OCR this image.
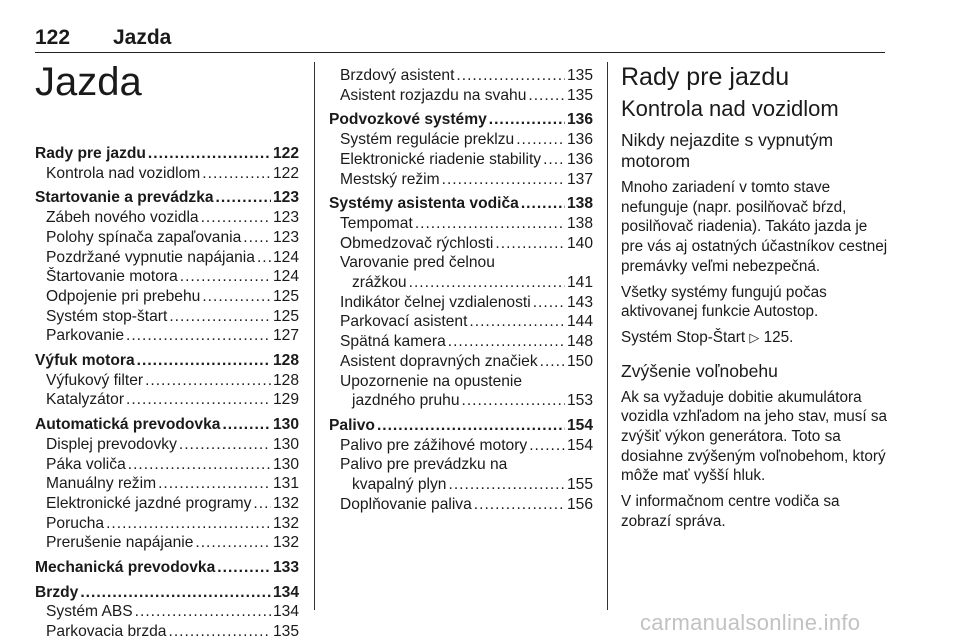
122 Jazda
Jazda
Rady pre jazdu .....	122
Kontrola nad vozidlom .....	122
Startovanie a prevádzka .....	123
Zábeh nového vozidla .....	123
Polohy spínača zapaľovania ..... 123
Pozdržané vypnutie napájania ..... 124
Štartovanie motora .....	124
Odpojenie pri prebehu .....	125
Systém stop-štart .....	125
Parkovanie .....	127
Výfuk motora .....	128
Výfukový filter .....	128
Katalyzátor .....	129
Automatická prevodovka .....	130
Displej prevodovky .....	130
Páka voliča .....	130
Manuálny režim .....	131
Elektronické jazdné programy ..... 132
Porucha .....	132
Prerušenie napájanie .....	132
Mechanická prevodovka .....	133
Brzdy .....	134
Systém ABS .....	134
Parkovacia brzda .....	135
Brzdový asistent .....	135
Asistent rozjazdu na svahu .....	135
Podvozkové systémy .....	136
Systém regulácie preklzu .....	136
Elektronické riadenie stability ..... 136
Mestský režim .....	137
Systémy asistenta vodiča .....	138
Tempomat .....	138
Obmedzovač rýchlosti .....	140
Varovanie pred čelnou
zrážkou .....	141
Indikátor čelnej vzdialenosti ..... 143
Parkovací asistent .....	144
Spätná kamera .....	148
Asistent dopravných značiek ..... 150
Upozornenie na opustenie
jazdného pruhu .....	153
Palivo .....	154
Palivo pre zážihové motory .....	154
Palivo pre prevádzku na
kvapalný plyn .....	155
Doplňovanie paliva .....	156
Rady pre jazdu
Kontrola nad vozidlom
Nikdy nejazdite s vypnutým motorom

Mnoho zariadení v tomto stave nefunguje (napr. posilňovač bŕzd, posilňovač riadenia). Takáto jazda je pre vás aj ostatných účastníkov cestnej premávky veľmi nebezpečná.

Všetky systémy fungujú počas aktivovanej funkcie Autostop.

Systém Stop-Štart ▷ 125.

Zvýšenie voľnobehu

Ak sa vyžaduje dobitie akumulátora vozidla vzhľadom na jeho stav, musí sa zvýšiť výkon generátora. Toto sa dosiahne zvýšeným voľnobehom, ktorý môže mať vyšší hluk.

V informačnom centre vodiča sa zobrazí správa.

carmanualsonline.info
